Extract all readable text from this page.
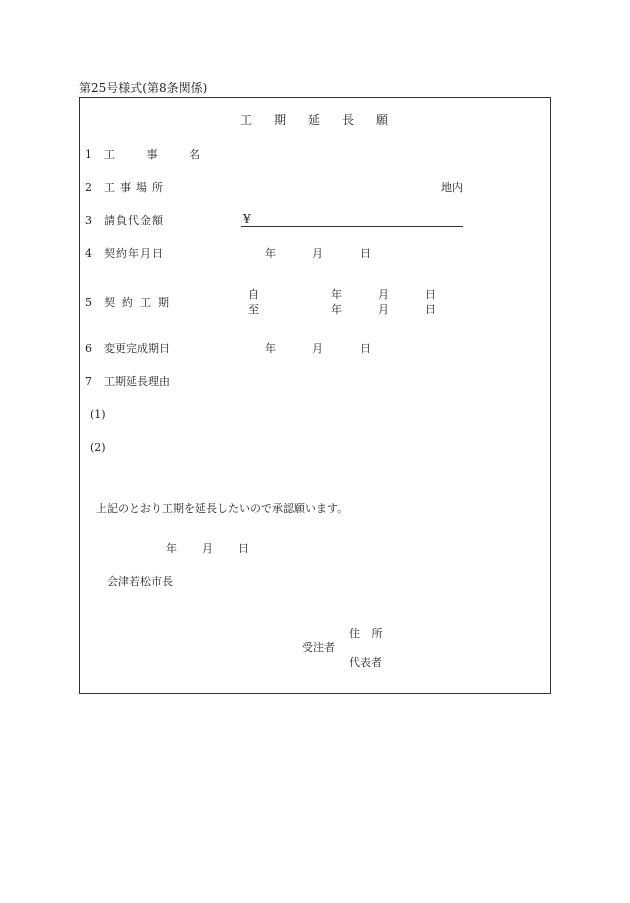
第25号様式(第8条関係)
工期延長願
1 工 事 名
2 工事場所	地内
3 請負代金額	¥
4 契約年月日	年	月	日
5 契約工期
自	年	月	日
至	年	月	日
6 変更完成期日	年	月	日
7 工期延長理由
(1)
(2)
上記のとおり工期を延長したいので承認願います。
年 月 日
会津若松市長
住 所
受注者
代表者
